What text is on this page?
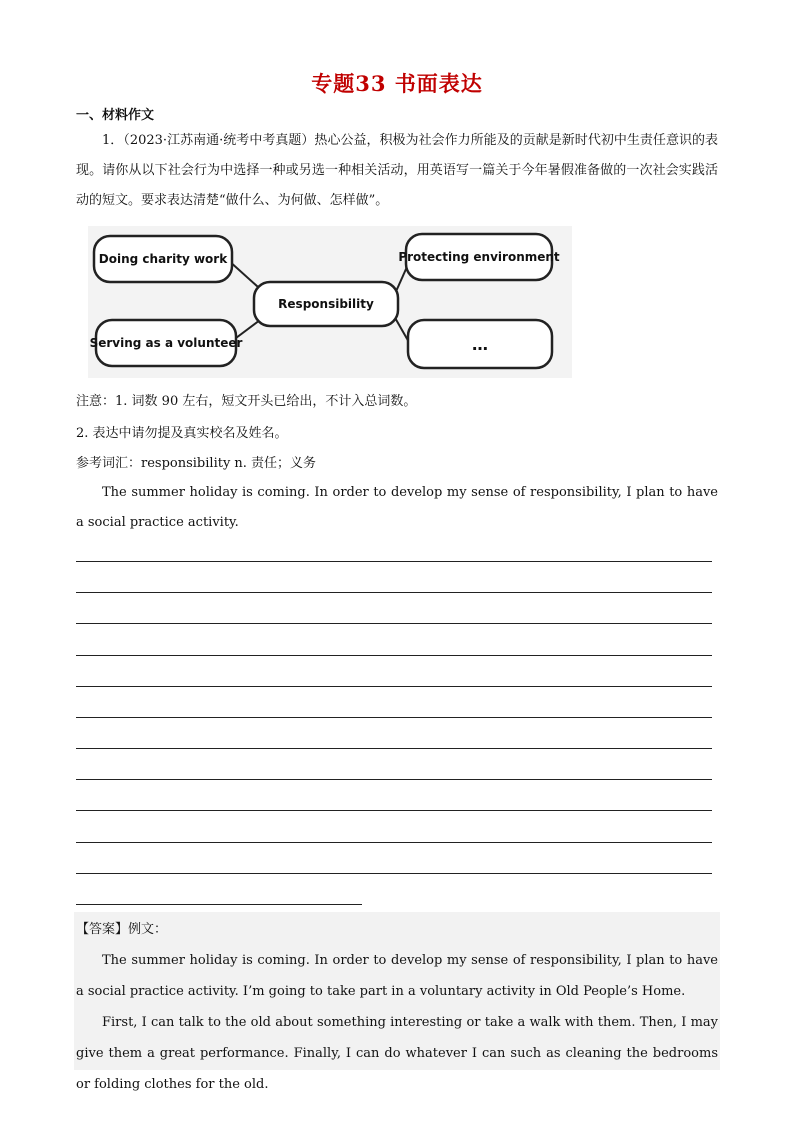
专题33 书面表达
一、材料作文
1．（2023·江苏南通·统考中考真题）热心公益，积极为社会作力所能及的贡献是新时代初中生责任意识的表现。请你从以下社会行为中选择一种或另选一种相关活动，用英语写一篇关于今年暑假准备做的一次社会实践活动的短文。要求表达清楚“做什么、为何做、怎样做”。
Doing charity work
Serving as a volunteer
Responsibility
Protecting environment
…
注意：1. 词数 90 左右，短文开头已给出，不计入总词数。
2. 表达中请勿提及真实校名及姓名。
参考词汇：responsibility n. 责任；义务
The summer holiday is coming. In order to develop my sense of responsibility, I plan to have a social practice activity.
【答案】例文：
The summer holiday is coming. In order to develop my sense of responsibility, I plan to have a social practice activity. I’m going to take part in a voluntary activity in Old People’s Home.
First, I can talk to the old about something interesting or take a walk with them. Then, I may give them a great performance. Finally, I can do whatever I can such as cleaning the bedrooms or folding clothes for the old.
